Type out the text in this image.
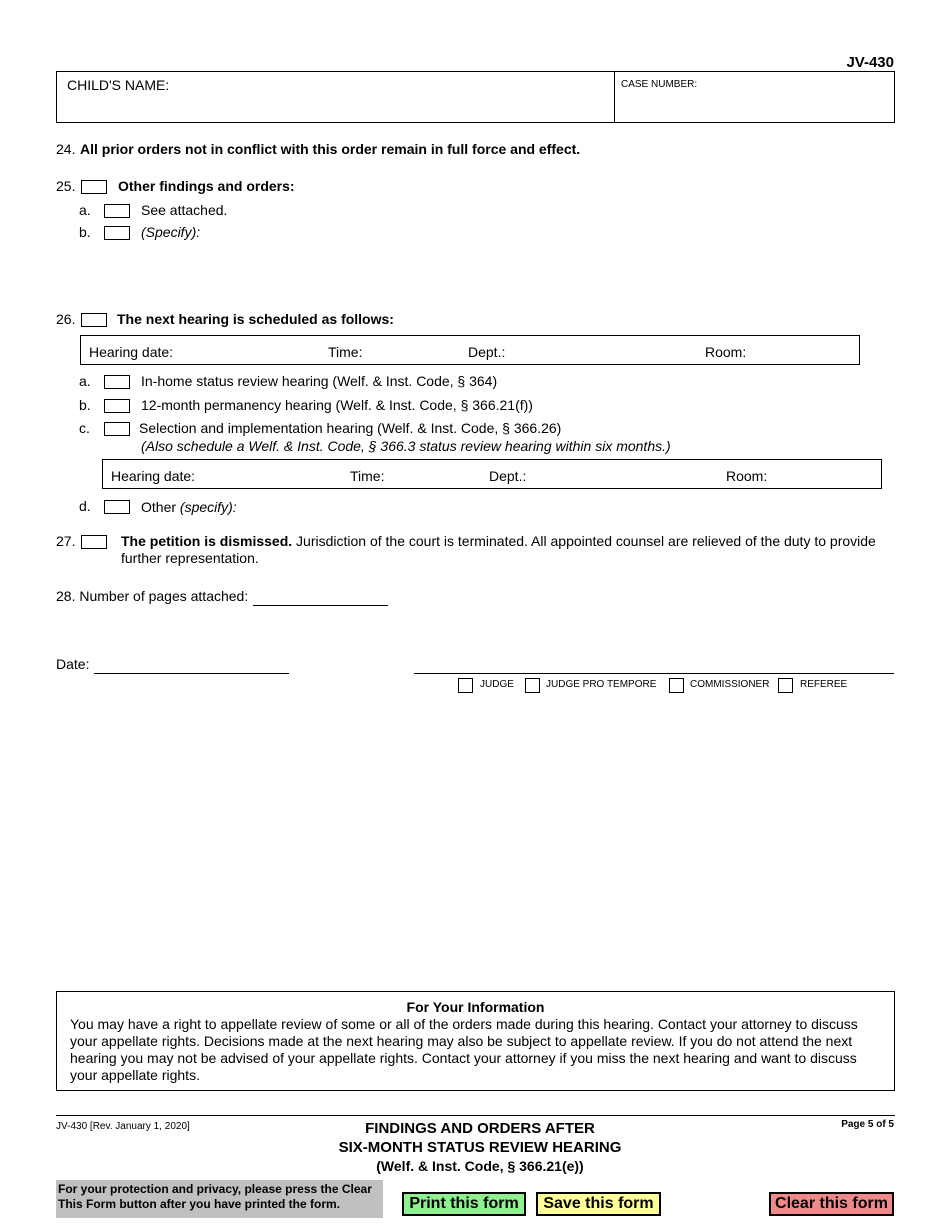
JV-430
CHILD'S NAME:	CASE NUMBER:
24. All prior orders not in conflict with this order remain in full force and effect.
25.	Other findings and orders:
a.	See attached.
b.	(Specify):
26.	The next hearing is scheduled as follows:
Hearing date:	Time:	Dept.:	Room:
a.	In-home status review hearing (Welf. & Inst. Code, § 364)
b.	12-month permanency hearing (Welf. & Inst. Code, § 366.21(f))
c.	Selection and implementation hearing (Welf. & Inst. Code, § 366.26)
(Also schedule a Welf. & Inst. Code, § 366.3 status review hearing within six months.)
Hearing date:	Time:	Dept.:	Room:
d.	Other (specify):
27.	The petition is dismissed. Jurisdiction of the court is terminated. All appointed counsel are relieved of the duty to provide
further representation.
28. Number of pages attached:
Date:
JUDGE	JUDGE PRO TEMPORE	COMMISSIONER	REFEREE
For Your Information
You may have a right to appellate review of some or all of the orders made during this hearing. Contact your attorney to discuss
your appellate rights. Decisions made at the next hearing may also be subject to appellate review. If you do not attend the next
hearing you may not be advised of your appellate rights. Contact your attorney if you miss the next hearing and want to discuss
your appellate rights.
JV-430 [Rev. January 1, 2020]	FINDINGS AND ORDERS AFTER
SIX-MONTH STATUS REVIEW HEARING
(Welf. & Inst. Code, § 366.21(e))
Page 5 of 5
For your protection and privacy, please press the Clear
This Form button after you have printed the form.	Print this form	Save this form	Clear this form
